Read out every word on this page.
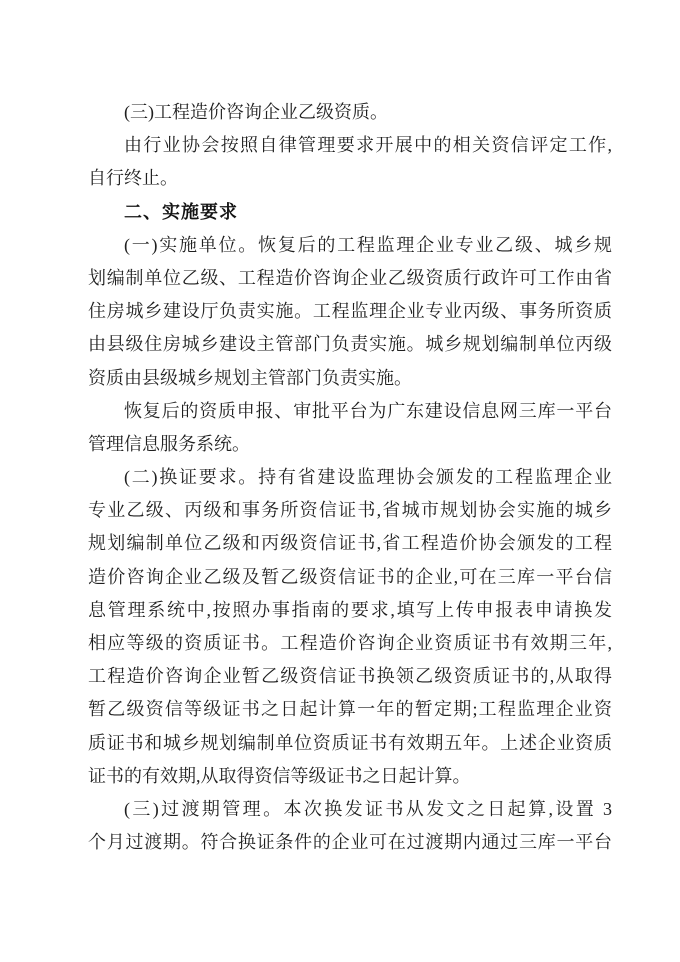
(三)工程造价咨询企业乙级资质。
由行业协会按照自律管理要求开展中的相关资信评定工作,
自行终止。
二、实施要求
(一)实施单位。恢复后的工程监理企业专业乙级、城乡规
划编制单位乙级、工程造价咨询企业乙级资质行政许可工作由省
住房城乡建设厅负责实施。工程监理企业专业丙级、事务所资质
由县级住房城乡建设主管部门负责实施。城乡规划编制单位丙级
资质由县级城乡规划主管部门负责实施。
恢复后的资质申报、审批平台为广东建设信息网三库一平台
管理信息服务系统。
(二)换证要求。持有省建设监理协会颁发的工程监理企业
专业乙级、丙级和事务所资信证书,省城市规划协会实施的城乡
规划编制单位乙级和丙级资信证书,省工程造价协会颁发的工程
造价咨询企业乙级及暂乙级资信证书的企业,可在三库一平台信
息管理系统中,按照办事指南的要求,填写上传申报表申请换发
相应等级的资质证书。工程造价咨询企业资质证书有效期三年,
工程造价咨询企业暂乙级资信证书换领乙级资质证书的,从取得
暂乙级资信等级证书之日起计算一年的暂定期;工程监理企业资
质证书和城乡规划编制单位资质证书有效期五年。上述企业资质
证书的有效期,从取得资信等级证书之日起计算。
(三)过渡期管理。本次换发证书从发文之日起算,设置 3
个月过渡期。符合换证条件的企业可在过渡期内通过三库一平台
